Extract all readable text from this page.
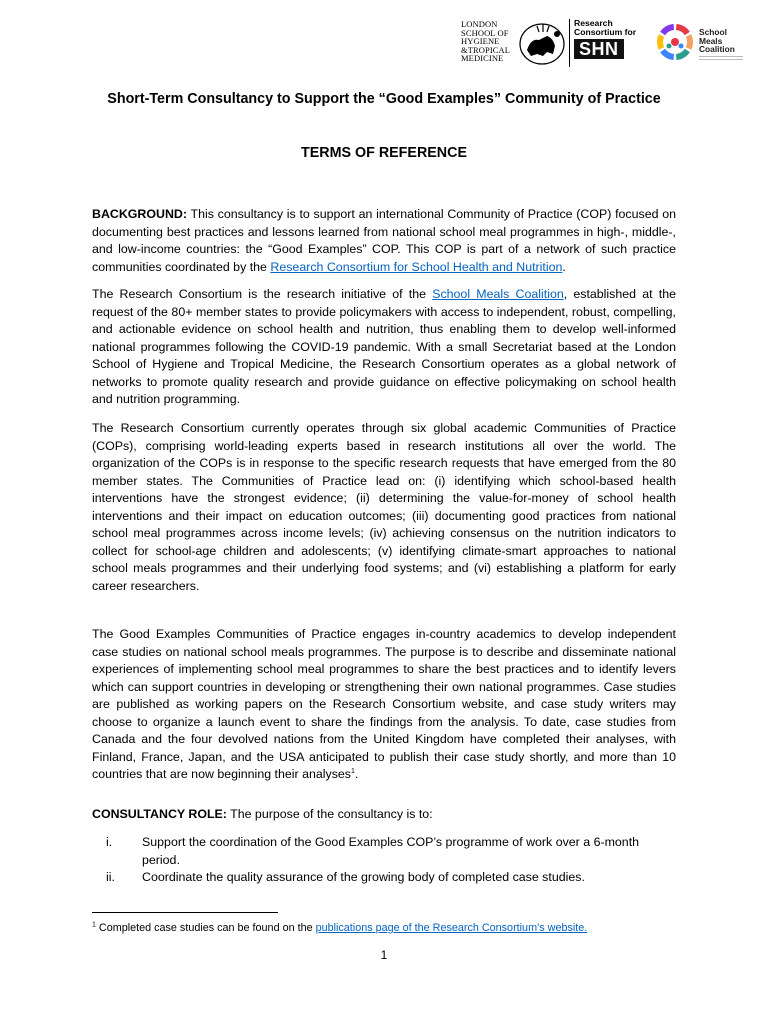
LONDON
SCHOOL OF
HYGIENE
&TROPICAL
MEDICINE
Research
Consortium for
SHN
School
Meals
Coalition
Short-Term Consultancy to Support the “Good Examples” Community of Practice
TERMS OF REFERENCE
BACKGROUND: This consultancy is to support an international Community of Practice (COP) focused on documenting best practices and lessons learned from national school meal programmes in high-, middle-, and low-income countries: the “Good Examples” COP. This COP is part of a network of such practice communities coordinated by the Research Consortium for School Health and Nutrition.
The Research Consortium is the research initiative of the School Meals Coalition, established at the request of the 80+ member states to provide policymakers with access to independent, robust, compelling, and actionable evidence on school health and nutrition, thus enabling them to develop well-informed national programmes following the COVID-19 pandemic. With a small Secretariat based at the London School of Hygiene and Tropical Medicine, the Research Consortium operates as a global network of networks to promote quality research and provide guidance on effective policymaking on school health and nutrition programming.
The Research Consortium currently operates through six global academic Communities of Practice (COPs), comprising world-leading experts based in research institutions all over the world. The organization of the COPs is in response to the specific research requests that have emerged from the 80 member states. The Communities of Practice lead on: (i) identifying which school-based health interventions have the strongest evidence; (ii) determining the value-for-money of school health interventions and their impact on education outcomes; (iii) documenting good practices from national school meal programmes across income levels; (iv) achieving consensus on the nutrition indicators to collect for school-age children and adolescents; (v) identifying climate-smart approaches to national school meals programmes and their underlying food systems; and (vi) establishing a platform for early career researchers.
The Good Examples Communities of Practice engages in-country academics to develop independent case studies on national school meals programmes. The purpose is to describe and disseminate national experiences of implementing school meal programmes to share the best practices and to identify levers which can support countries in developing or strengthening their own national programmes. Case studies are published as working papers on the Research Consortium website, and case study writers may choose to organize a launch event to share the findings from the analysis. To date, case studies from Canada and the four devolved nations from the United Kingdom have completed their analyses, with Finland, France, Japan, and the USA anticipated to publish their case study shortly, and more than 10 countries that are now beginning their analyses$^1$.
CONSULTANCY ROLE: The purpose of the consultancy is to:
i.	Support the coordination of the Good Examples COP’s programme of work over a 6-month period.
ii.	Coordinate the quality assurance of the growing body of completed case studies.
$^1$ Completed case studies can be found on the publications page of the Research Consortium’s website.
1
